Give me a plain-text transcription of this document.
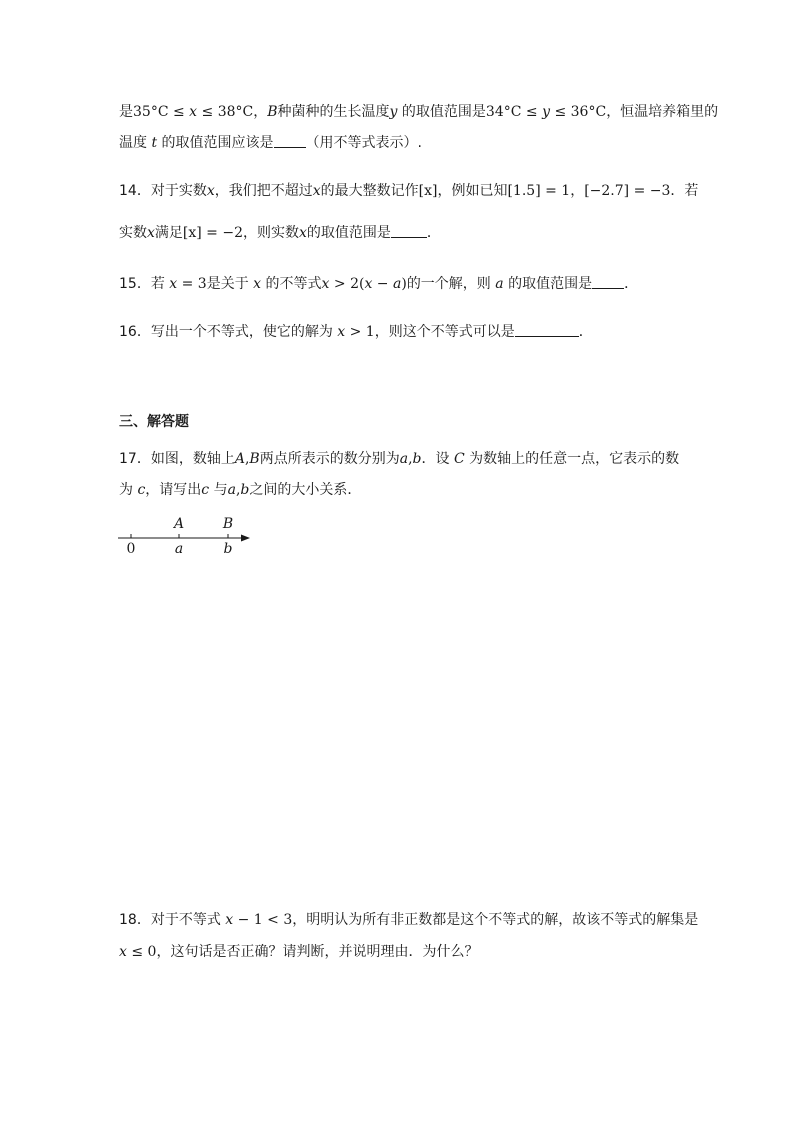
是35°C ≤ x ≤ 38°C，B种菌种的生长温度y 的取值范围是34°C ≤ y ≤ 36°C，恒温培养箱里的
温度 t 的取值范围应该是 （用不等式表示）.
14．对于实数x，我们把不超过x的最大整数记作[x]，例如已知[1.5] = 1，[−2.7] = −3．若
实数x满足[x] = −2，则实数x的取值范围是	．
15．若 x = 3是关于 x 的不等式x > 2(x − a)的一个解，则 a 的取值范围是 ．
16．写出一个不等式，使它的解为 x > 1，则这个不等式可以是	．
三、解答题
17．如图，数轴上A,B两点所表示的数分别为a,b．设 C 为数轴上的任意一点，它表示的数
为 c，请写出c 与a,b之间的大小关系．
A	B
0	a	b
18．对于不等式 x − 1 < 3，明明认为所有非正数都是这个不等式的解，故该不等式的解集是
x ≤ 0，这句话是否正确？请判断，并说明理由．为什么？
